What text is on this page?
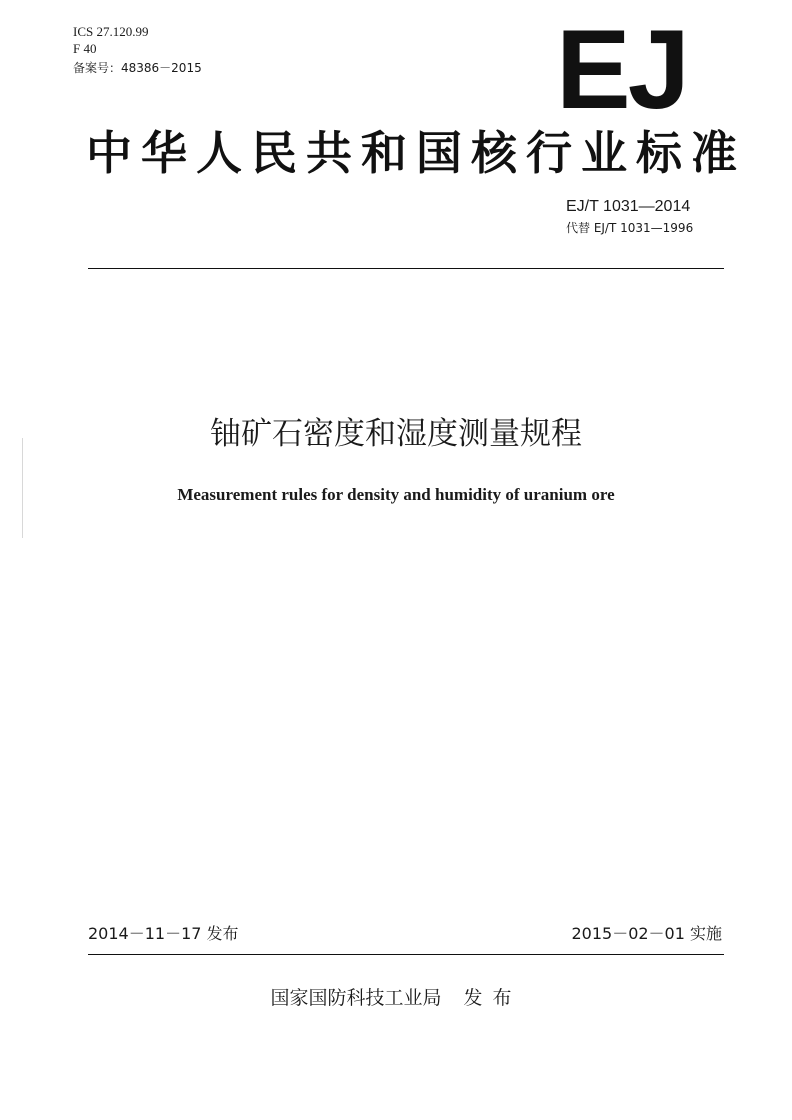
ICS 27.120.99
F 40
备案号：48386－2015	EJ
中华人民共和国核行业标准
EJ/T 1031—2014
代替 EJ/T 1031—1996
铀矿石密度和湿度测量规程
Measurement rules for density and humidity of uranium ore
2014－11－17 发布	2015－02－01 实施
国家国防科技工业局 发布
